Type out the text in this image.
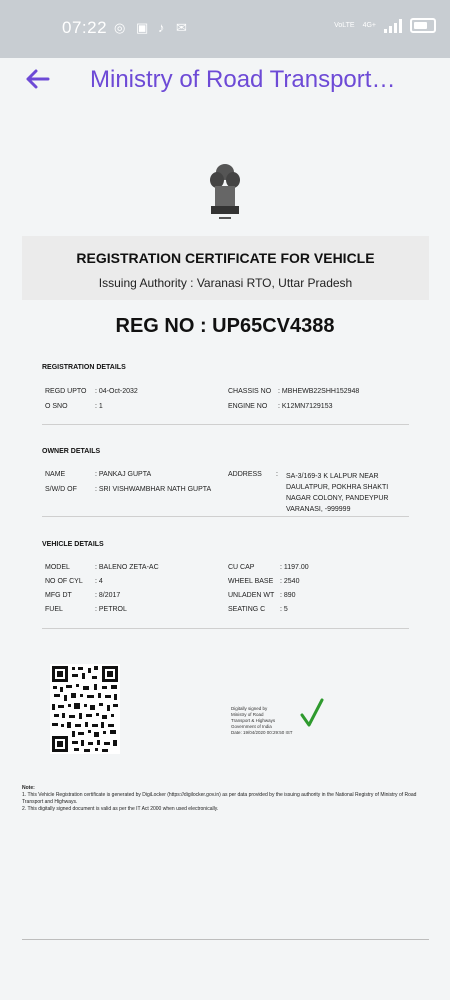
07:22 ◎ ▣ ♪ ✉	VoLTE 4G+
Ministry of Road Transport…
REGISTRATION CERTIFICATE FOR VEHICLE
Issuing Authority : Varanasi RTO, Uttar Pradesh
REG NO : UP65CV4388
REGISTRATION DETAILS
REGD UPTO : 04-Oct-2032	CHASSIS NO : MBHEWB22SHH152948
O SNO	: 1	ENGINE NO : K12MN7129153
OWNER DETAILS
NAME	: PANKAJ GUPTA
S/W/D OF	: SRI VISHWAMBHAR NATH GUPTA
ADDRESS : SA-3/169-3 K LALPUR NEAR
DAULATPUR, POKHRA SHAKTI
NAGAR COLONY, PANDEYPUR
VARANASI, -999999
VEHICLE DETAILS
MODEL	: BALENO ZETA-AC	CU CAP	: 1197.00
NO OF CYL : 4	WHEEL BASE : 2540
MFG DT	: 8/2017	UNLADEN WT : 890
FUEL	: PETROL	SEATING C : 5
Digitally signed by
Ministry of Road
Transport & Highways
Government of India
Date: 19/04/2020 00:29:50 IST
Note:
1. This Vehicle Registration certificate is generated by DigiLocker (https://digilocker.gov.in) as per data provided by the issuing authority in the National Registry of Ministry of Road Transport and Highways.
2. This digitally signed document is valid as per the IT Act 2000 when used electronically.
